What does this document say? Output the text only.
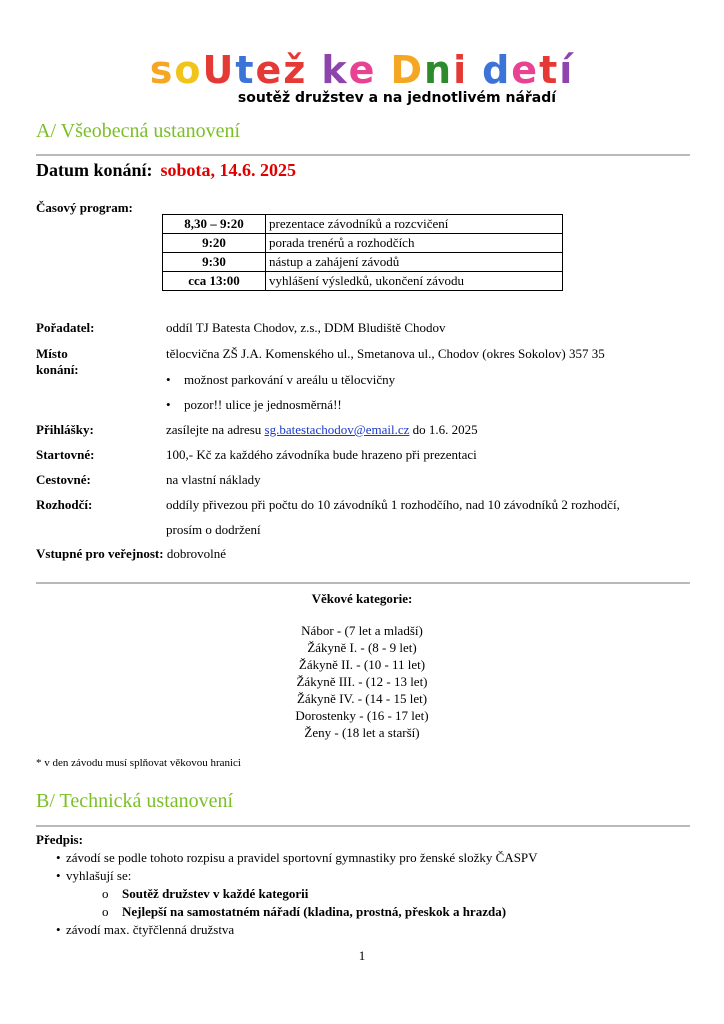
soUtež ke Dni detí
soutěž družstev a na jednotlivém nářadí
A/ Všeobecná ustanovení
Datum konání: sobota, 14.6. 2025
Časový program:
8,30 – 9:20	prezentace závodníků a rozcvičení
9:20	porada trenérů a rozhodčích
9:30	nástup a zahájení závodů
cca 13:00	vyhlášení výsledků, ukončení závodu
Pořadatel:	oddíl TJ Batesta Chodov, z.s., DDM Bludiště Chodov
Místo konání:
tělocvična ZŠ J.A. Komenského ul., Smetanova ul., Chodov (okres Sokolov) 357 35
• možnost parkování v areálu u tělocvičny
• pozor!! ulice je jednosměrná!!
Přihlášky:	zasílejte na adresu sg.batestachodov@email.cz do 1.6. 2025
Startovné:	100,- Kč za každého závodníka bude hrazeno při prezentaci
Cestovné:	na vlastní náklady
Rozhodčí:	oddíly přivezou při počtu do 10 závodníků 1 rozhodčího, nad 10 závodníků 2 rozhodčí,
prosím o dodržení
Vstupné pro veřejnost: dobrovolné
Věkové kategorie:
Nábor - (7 let a mladší)
Žákyně I. - (8 - 9 let)
Žákyně II. - (10 - 11 let)
Žákyně III. - (12 - 13 let)
Žákyně IV. - (14 - 15 let)
Dorostenky - (16 - 17 let)
Ženy - (18 let a starší)
* v den závodu musí splňovat věkovou hranici
B/ Technická ustanovení
Předpis:
• závodí se podle tohoto rozpisu a pravidel sportovní gymnastiky pro ženské složky ČASPV
• vyhlašují se:
o Soutěž družstev v každé kategorii
o Nejlepší na samostatném nářadí (kladina, prostná, přeskok a hrazda)
• závodí max. čtyřčlenná družstva
1
